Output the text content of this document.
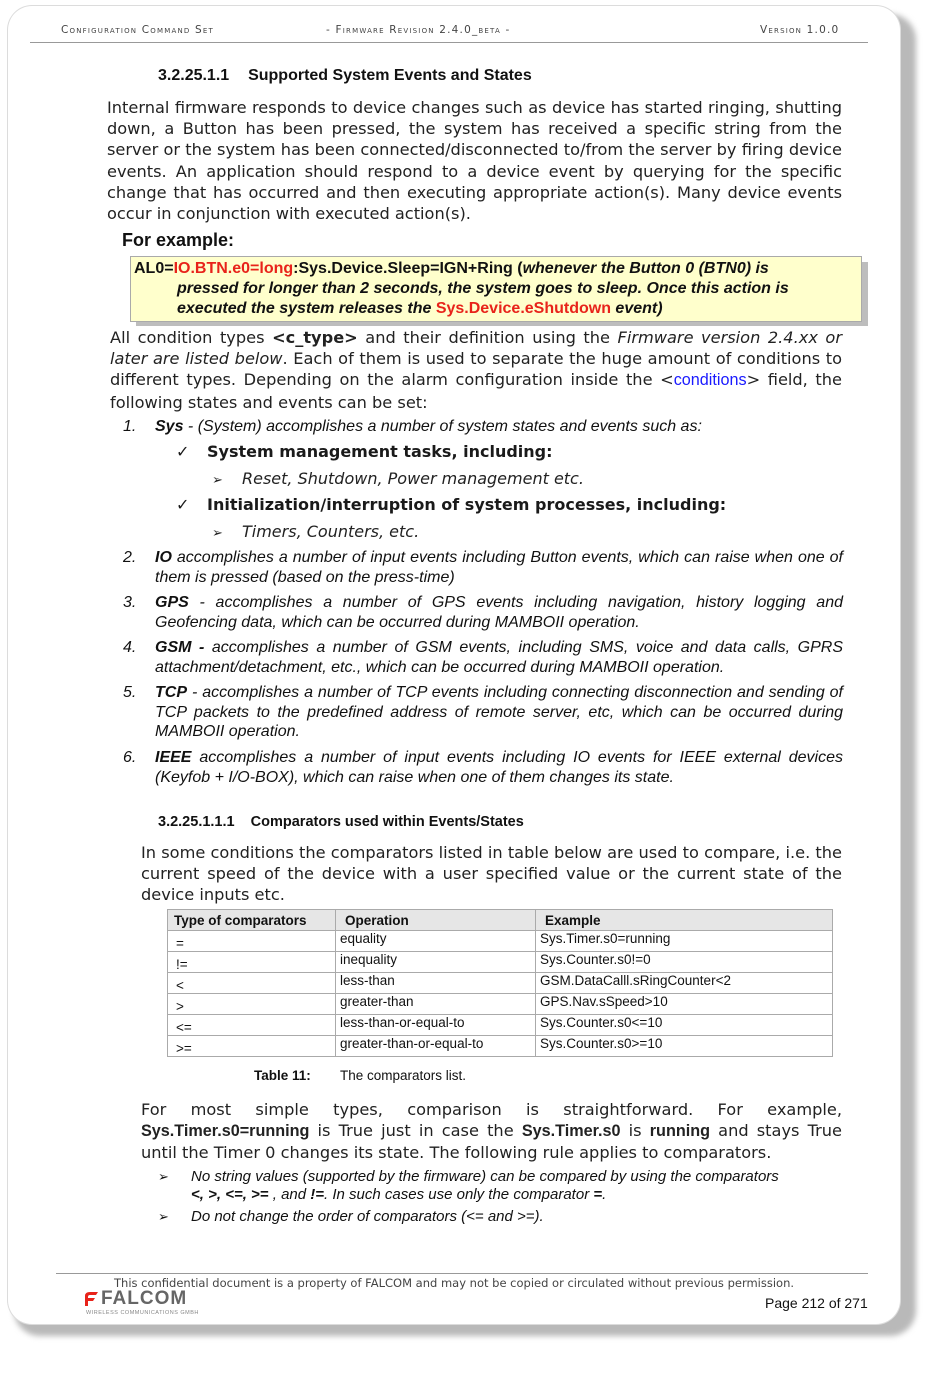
Configuration Command Set	- Firmware Revision 2.4.0_beta -	Version 1.0.0
3.2.25.1.1 Supported System Events and States
Internal firmware responds to device changes such as device has started ringing, shutting down, a Button has been pressed, the system has received a specific string from the server or the system has been connected/disconnected to/from the server by firing device events. An application should respond to a device event by querying for the specific change that has occurred and then executing appropriate action(s). Many device events occur in conjunction with executed action(s).
For example:
AL0=IO.BTN.e0=long:Sys.Device.Sleep=IGN+Ring (whenever the Button 0 (BTN0) is
pressed for longer than 2 seconds, the system goes to sleep. Once this action is
executed the system releases the Sys.Device.eShutdown event)
All condition types <c_type> and their definition using the Firmware version 2.4.xx or later are listed below. Each of them is used to separate the huge amount of conditions to different types. Depending on the alarm configuration inside the <conditions> field, the following states and events can be set:
1. Sys - (System) accomplishes a number of system states and events such as:
✓ System management tasks, including:
➢ Reset, Shutdown, Power management etc.
✓ Initialization/interruption of system processes, including:
➢ Timers, Counters, etc.
2. IO accomplishes a number of input events including Button events, which can raise when one of them is pressed (based on the press-time)
3. GPS - accomplishes a number of GPS events including navigation, history logging and Geofencing data, which can be occurred during MAMBOII operation.
4. GSM - accomplishes a number of GSM events, including SMS, voice and data calls, GPRS attachment/detachment, etc., which can be occurred during MAMBOII operation.
5. TCP - accomplishes a number of TCP events including connecting disconnection and sending of TCP packets to the predefined address of remote server, etc, which can be occurred during MAMBOII operation.
6. IEEE accomplishes a number of input events including IO events for IEEE external devices (Keyfob + I/O-BOX), which can raise when one of them changes its state.
3.2.25.1.1.1 Comparators used within Events/States
In some conditions the comparators listed in table below are used to compare, i.e. the current speed of the device with a user specified value or the current state of the device inputs etc.
Type of comparators	Operation	Example
=	equality	Sys.Timer.s0=running
!=	inequality	Sys.Counter.s0!=0
<	less-than	GSM.DataCalll.sRingCounter<2
>	greater-than	GPS.Nav.sSpeed>10
<=	less-than-or-equal-to	Sys.Counter.s0<=10
>=	greater-than-or-equal-to	Sys.Counter.s0>=10
Table 11: The comparators list.
For most simple types, comparison is straightforward. For example, Sys.Timer.s0=running is True just in case the Sys.Timer.s0 is running and stays True until the Timer 0 changes its state. The following rule applies to comparators.
➢ No string values (supported by the firmware) can be compared by using the comparators
<, >, <=, >= , and !=. In such cases use only the comparator =.
➢ Do not change the order of comparators (<= and >=).
This confidential document is a property of FALCOM and may not be copied or circulated without previous permission.
FALCOM
WIRELESS COMMUNICATIONS GMBH
Page 212 of 271
